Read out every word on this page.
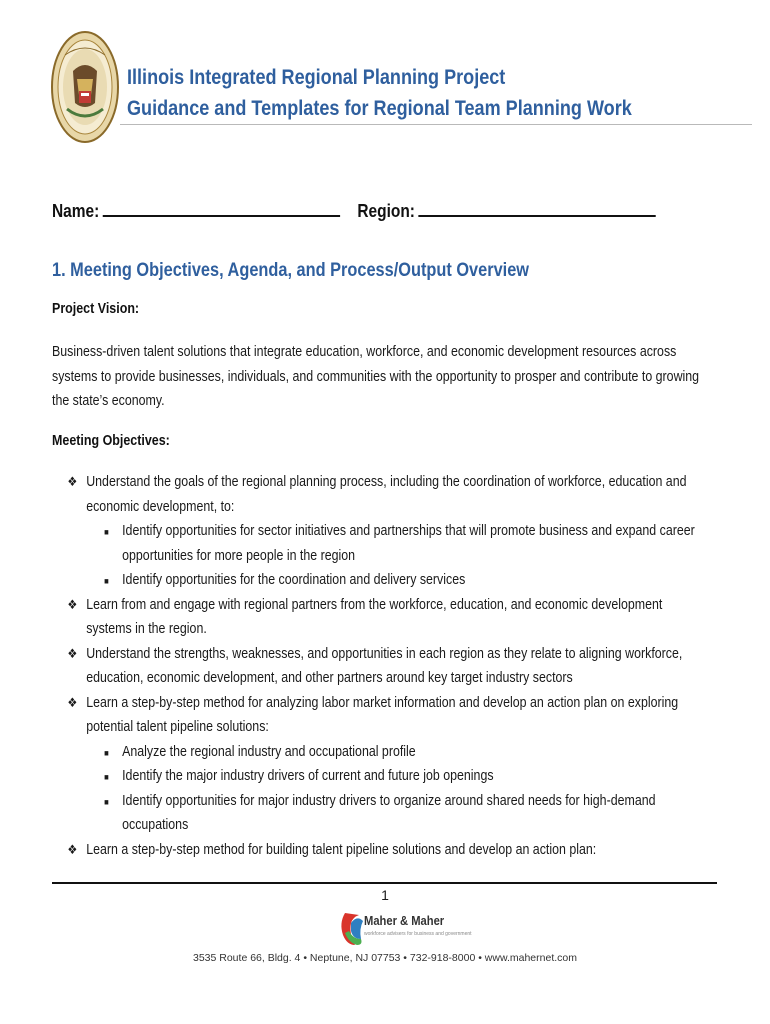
Illinois Integrated Regional Planning Project
Guidance and Templates for Regional Team Planning Work
Name:	Region:
1. Meeting Objectives, Agenda, and Process/Output Overview
Project Vision:
Business-driven talent solutions that integrate education, workforce, and economic development resources across systems to provide businesses, individuals, and communities with the opportunity to prosper and contribute to growing the state’s economy.
Meeting Objectives:
❖ Understand the goals of the regional planning process, including the coordination of workforce, education and economic development, to:
■ Identify opportunities for sector initiatives and partnerships that will promote business and expand career opportunities for more people in the region
■ Identify opportunities for the coordination and delivery services
❖ Learn from and engage with regional partners from the workforce, education, and economic development systems in the region.
❖ Understand the strengths, weaknesses, and opportunities in each region as they relate to aligning workforce, education, economic development, and other partners around key target industry sectors
❖ Learn a step-by-step method for analyzing labor market information and develop an action plan on exploring potential talent pipeline solutions:
■ Analyze the regional industry and occupational profile
■ Identify the major industry drivers of current and future job openings
■ Identify opportunities for major industry drivers to organize around shared needs for high-demand occupations
❖ Learn a step-by-step method for building talent pipeline solutions and develop an action plan:
1
Maher & Maher
workforce advisers for business and government
3535 Route 66, Bldg. 4 • Neptune, NJ 07753 • 732-918-8000 • www.mahernet.com
